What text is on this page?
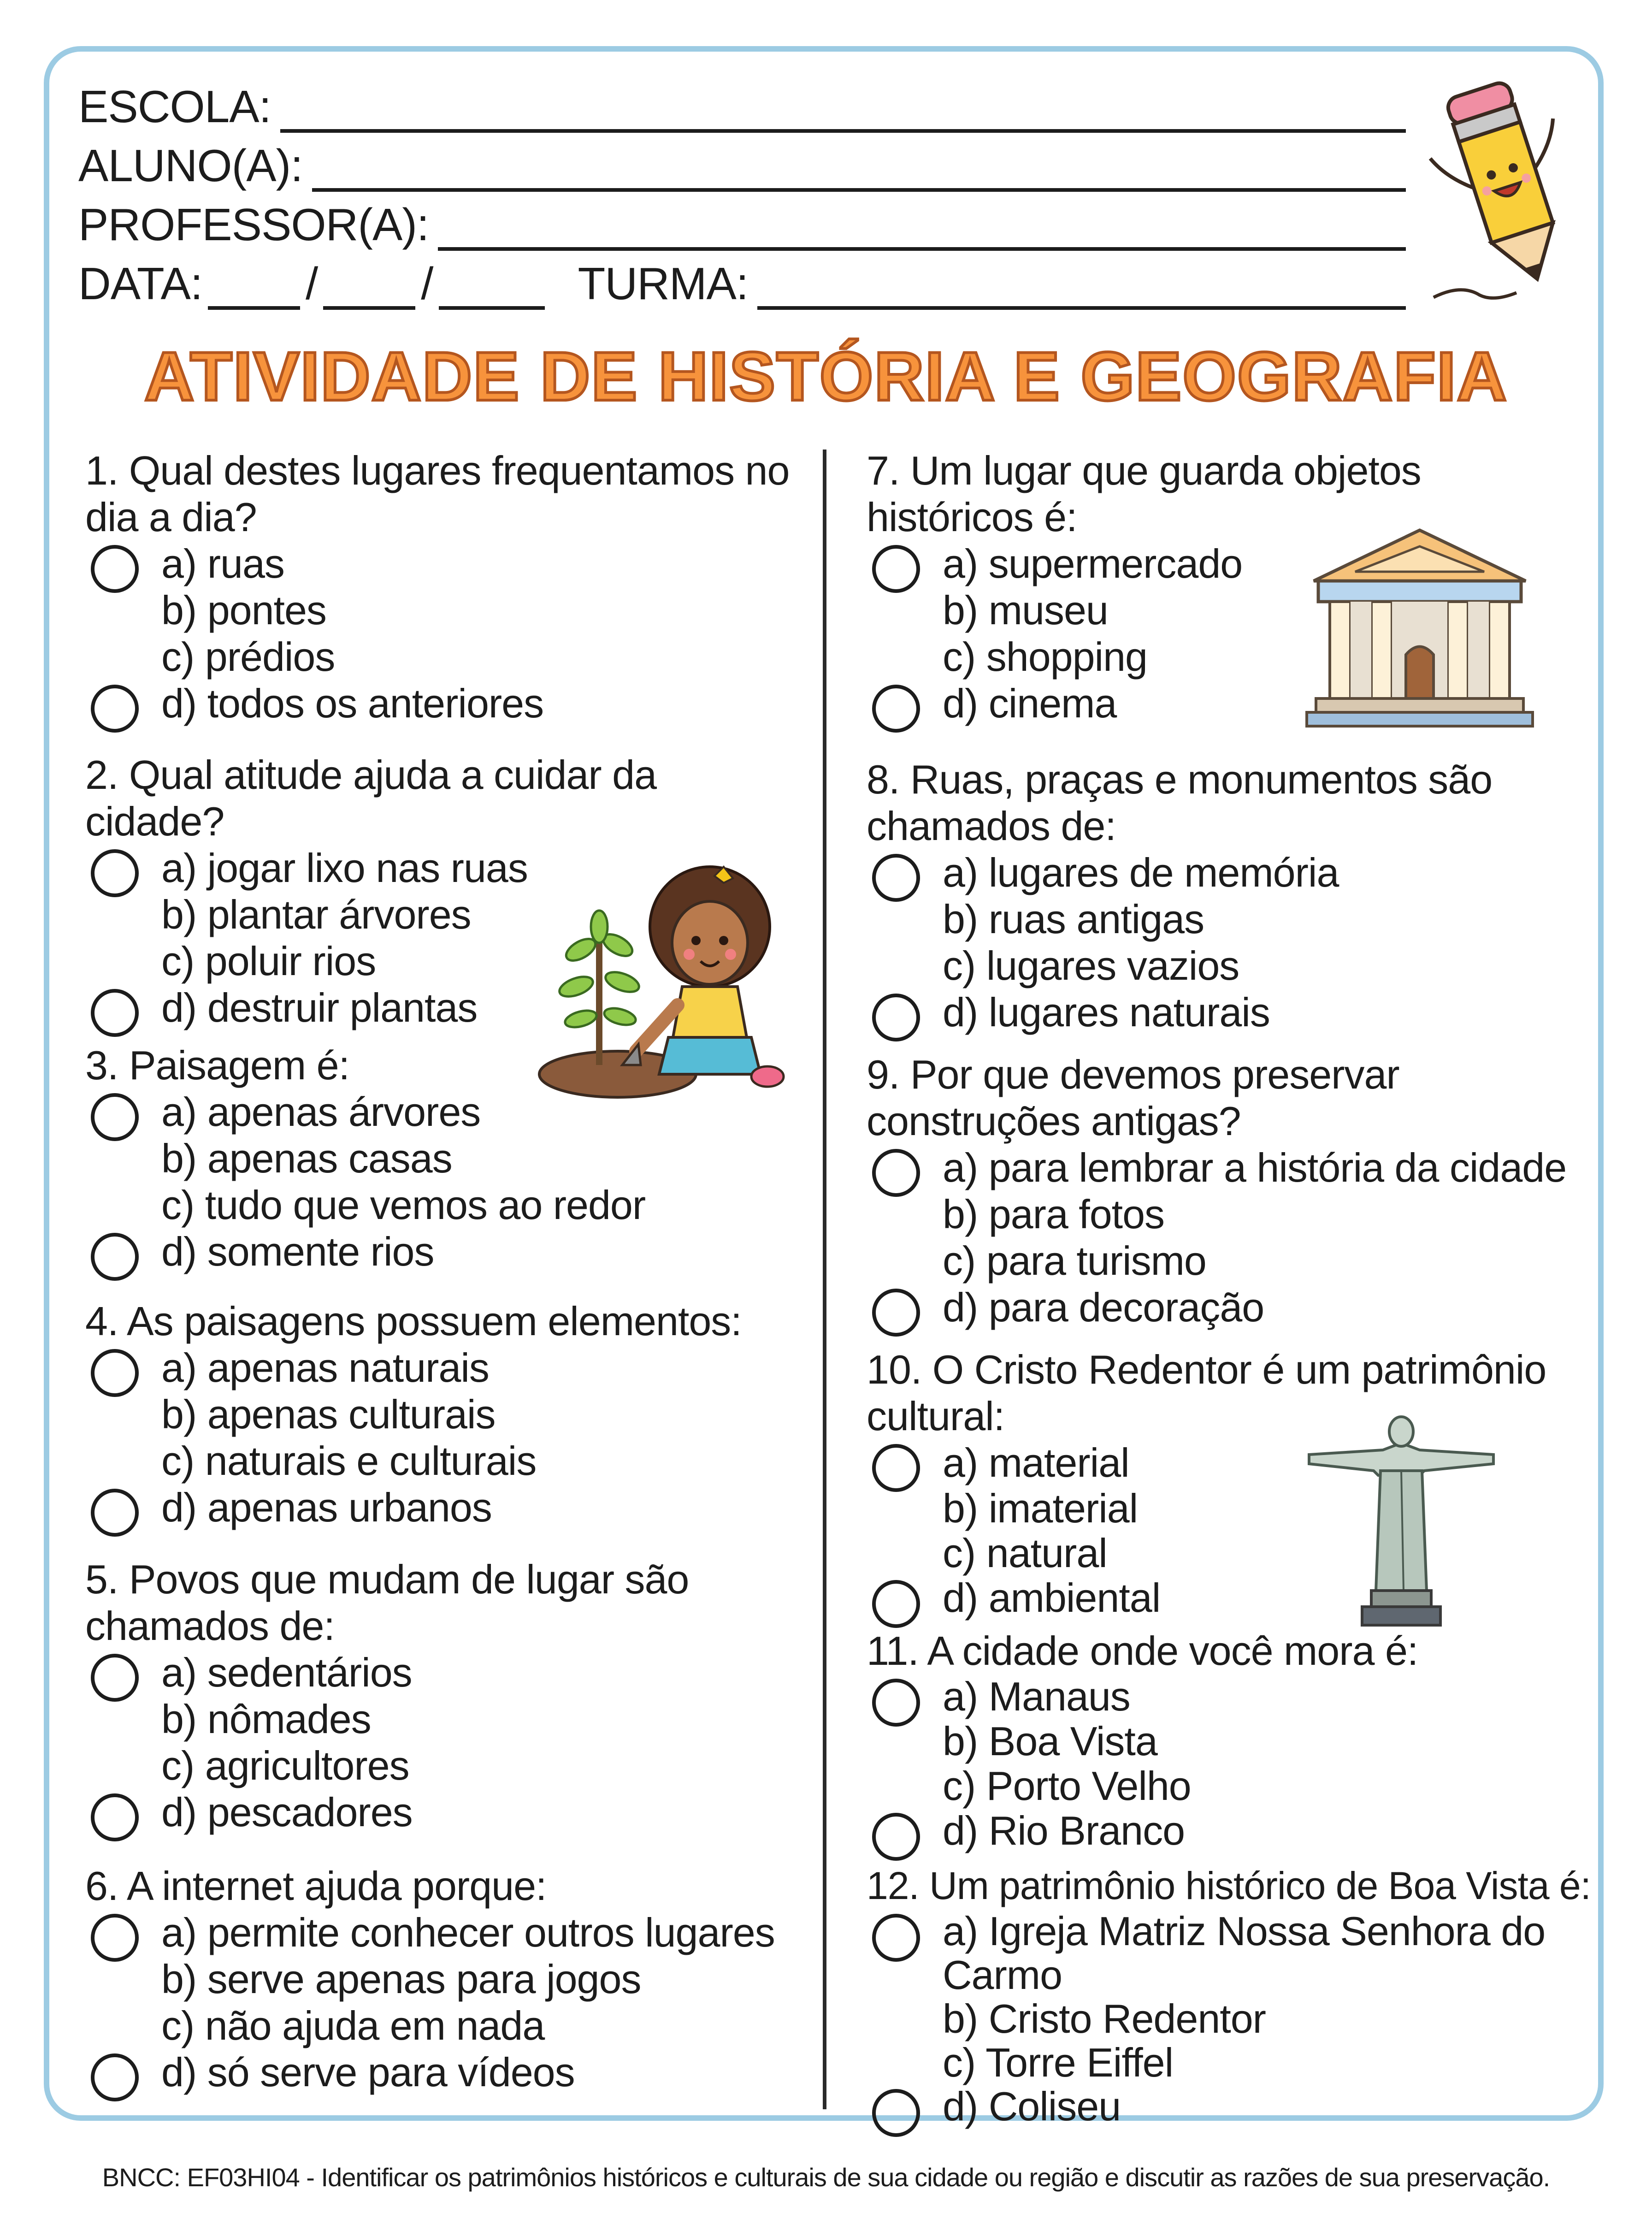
ESCOLA:
ALUNO(A):
PROFESSOR(A):
DATA: / /	TURMA:
ATIVIDADE DE HISTÓRIA E GEOGRAFIA
1. Qual destes lugares frequentamos no dia a dia?
a) ruas
b) pontes
c) prédios
d) todos os anteriores
2. Qual atitude ajuda a cuidar da cidade?
a) jogar lixo nas ruas
b) plantar árvores
c) poluir rios
d) destruir plantas
3. Paisagem é:
a) apenas árvores
b) apenas casas
c) tudo que vemos ao redor
d) somente rios
4. As paisagens possuem elementos:
a) apenas naturais
b) apenas culturais
c) naturais e culturais
d) apenas urbanos
5. Povos que mudam de lugar são chamados de:
a) sedentários
b) nômades
c) agricultores
d) pescadores
6. A internet ajuda porque:
a) permite conhecer outros lugares
b) serve apenas para jogos
c) não ajuda em nada
d) só serve para vídeos
7. Um lugar que guarda objetos históricos é:
a) supermercado
b) museu
c) shopping
d) cinema
8. Ruas, praças e monumentos são chamados de:
a) lugares de memória
b) ruas antigas
c) lugares vazios
d) lugares naturais
9. Por que devemos preservar construções antigas?
a) para lembrar a história da cidade
b) para fotos
c) para turismo
d) para decoração
10. O Cristo Redentor é um patrimônio cultural:
a) material
b) imaterial
c) natural
d) ambiental
11. A cidade onde você mora é:
a) Manaus
b) Boa Vista
c) Porto Velho
d) Rio Branco
12. Um patrimônio histórico de Boa Vista é:
a) Igreja Matriz Nossa Senhora do Carmo
b) Cristo Redentor
c) Torre Eiffel
d) Coliseu
BNCC: EF03HI04 - Identificar os patrimônios históricos e culturais de sua cidade ou região e discutir as razões de sua preservação.
